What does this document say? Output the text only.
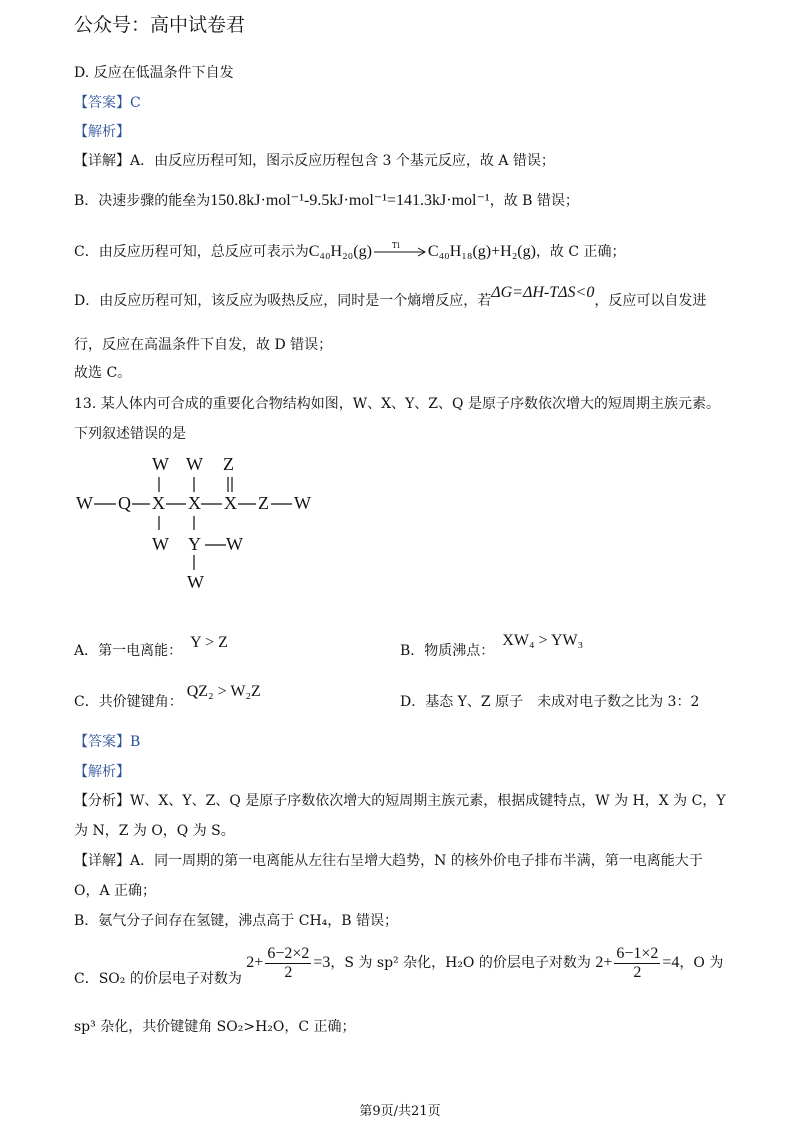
公众号：高中试卷君
D. 反应在低温条件下自发
【答案】C
【解析】
【详解】A．由反应历程可知，图示反应历程包含 3 个基元反应，故 A 错误；
B．决速步骤的能垒为150.8kJ·mol⁻¹-9.5kJ·mol⁻¹=141.3kJ·mol⁻¹，故 B 错误；
C．由反应历程可知，总反应可表示为C₄₀H₂₀(g)	Ti C₄₀H₁₈(g)+H₂(g)，故 C 正确；
D．由反应历程可知，该反应为吸热反应，同时是一个熵增反应，若ΔG=ΔH-TΔS<0，反应可以自发进
行，反应在高温条件下自发，故 D 错误；
故选 C。
13. 某人体内可合成的重要化合物结构如图，W、X、Y、Z、Q 是原子序数依次增大的短周期主族元素。
下列叙述错误的是
W W Z
W Q X X X Z W
W Y W
W
A．第一电离能： Y > Z	B．物质沸点：XW₄ > YW₃
C．共价键键角：QZ₂ > W₂Z
D．基态 Y、Z 原子　未成对电子数之比为 3：2
【答案】B
【解析】
【分析】W、X、Y、Z、Q 是原子序数依次增大的短周期主族元素，根据成键特点，W 为 H，X 为 C，Y
为 N，Z 为 O，Q 为 S。
【详解】A．同一周期的第一电离能从左往右呈增大趋势，N 的核外价电子排布半满，第一电离能大于
O，A 正确；
B．氨气分子间存在氢键，沸点高于 CH₄，B 错误；
C．SO₂ 的价层电子对数为 $2+ \frac{6-2\times 2}{2} =3$，S 为 sp² 杂化，H₂O 的价层电子对数为 $2+ \frac{6-1\times 2}{2} =4$，O 为
sp³ 杂化，共价键键角 SO₂>H₂O，C 正确；
第9页/共21页
